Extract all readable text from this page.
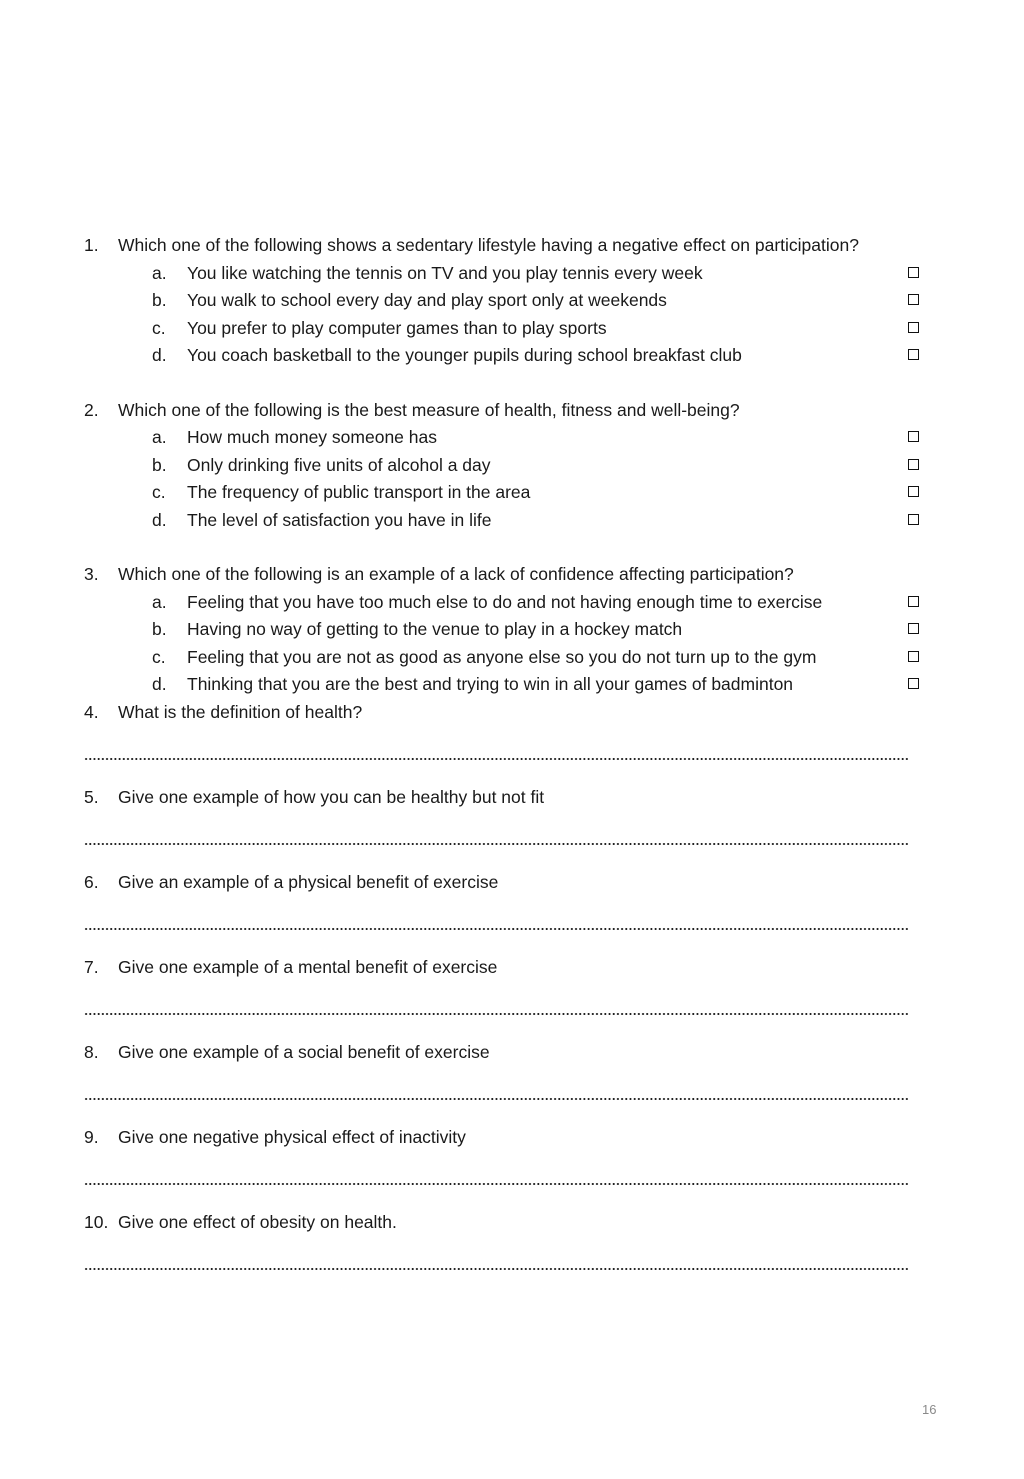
1. Which one of the following shows a sedentary lifestyle having a negative effect on participation?
a. You like watching the tennis on TV and you play tennis every week
b. You walk to school every day and play sport only at weekends
c. You prefer to play computer games than to play sports
d. You coach basketball to the younger pupils during school breakfast club
2. Which one of the following is the best measure of health, fitness and well-being?
a. How much money someone has
b. Only drinking five units of alcohol a day
c. The frequency of public transport in the area
d. The level of satisfaction you have in life
3. Which one of the following is an example of a lack of confidence affecting participation?
a. Feeling that you have too much else to do and not having enough time to exercise
b. Having no way of getting to the venue to play in a hockey match
c. Feeling that you are not as good as anyone else so you do not turn up to the gym
d. Thinking that you are the best and trying to win in all your games of badminton
4. What is the definition of health?
5. Give one example of how you can be healthy but not fit
6. Give an example of a physical benefit of exercise
7. Give one example of a mental benefit of exercise
8. Give one example of a social benefit of exercise
9. Give one negative physical effect of inactivity
10. Give one effect of obesity on health.
16
